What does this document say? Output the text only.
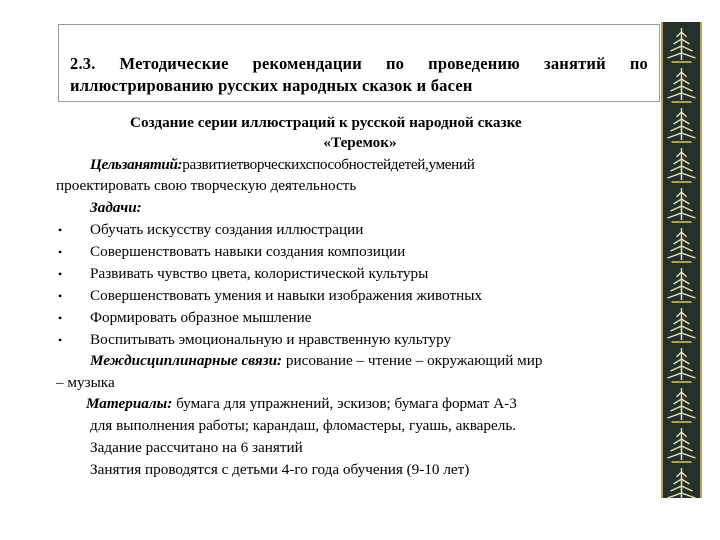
2.3. Методические рекомендации по проведению занятий по
иллюстрированию русских народных сказок и басен
Создание серии иллюстраций к русской народной сказке
«Теремок»
Цельзанятий:развитиетворческихспособностейдетей,умений
проектировать свою творческую деятельность
Задачи:
• Обучать искусству создания иллюстрации
• Совершенствовать навыки создания композиции
• Развивать чувство цвета, колористической культуры
• Совершенствовать умения и навыки изображения животных
• Формировать образное мышление
• Воспитывать эмоциональную и нравственную культуру
Междисциплинарные связи: рисование – чтение – окружающий мир
– музыка
Материалы: бумага для упражнений, эскизов; бумага формат А-3
для выполнения работы; карандаш, фломастеры, гуашь, акварель.
Задание рассчитано на 6 занятий
Занятия проводятся с детьми 4-го года обучения (9-10 лет)
